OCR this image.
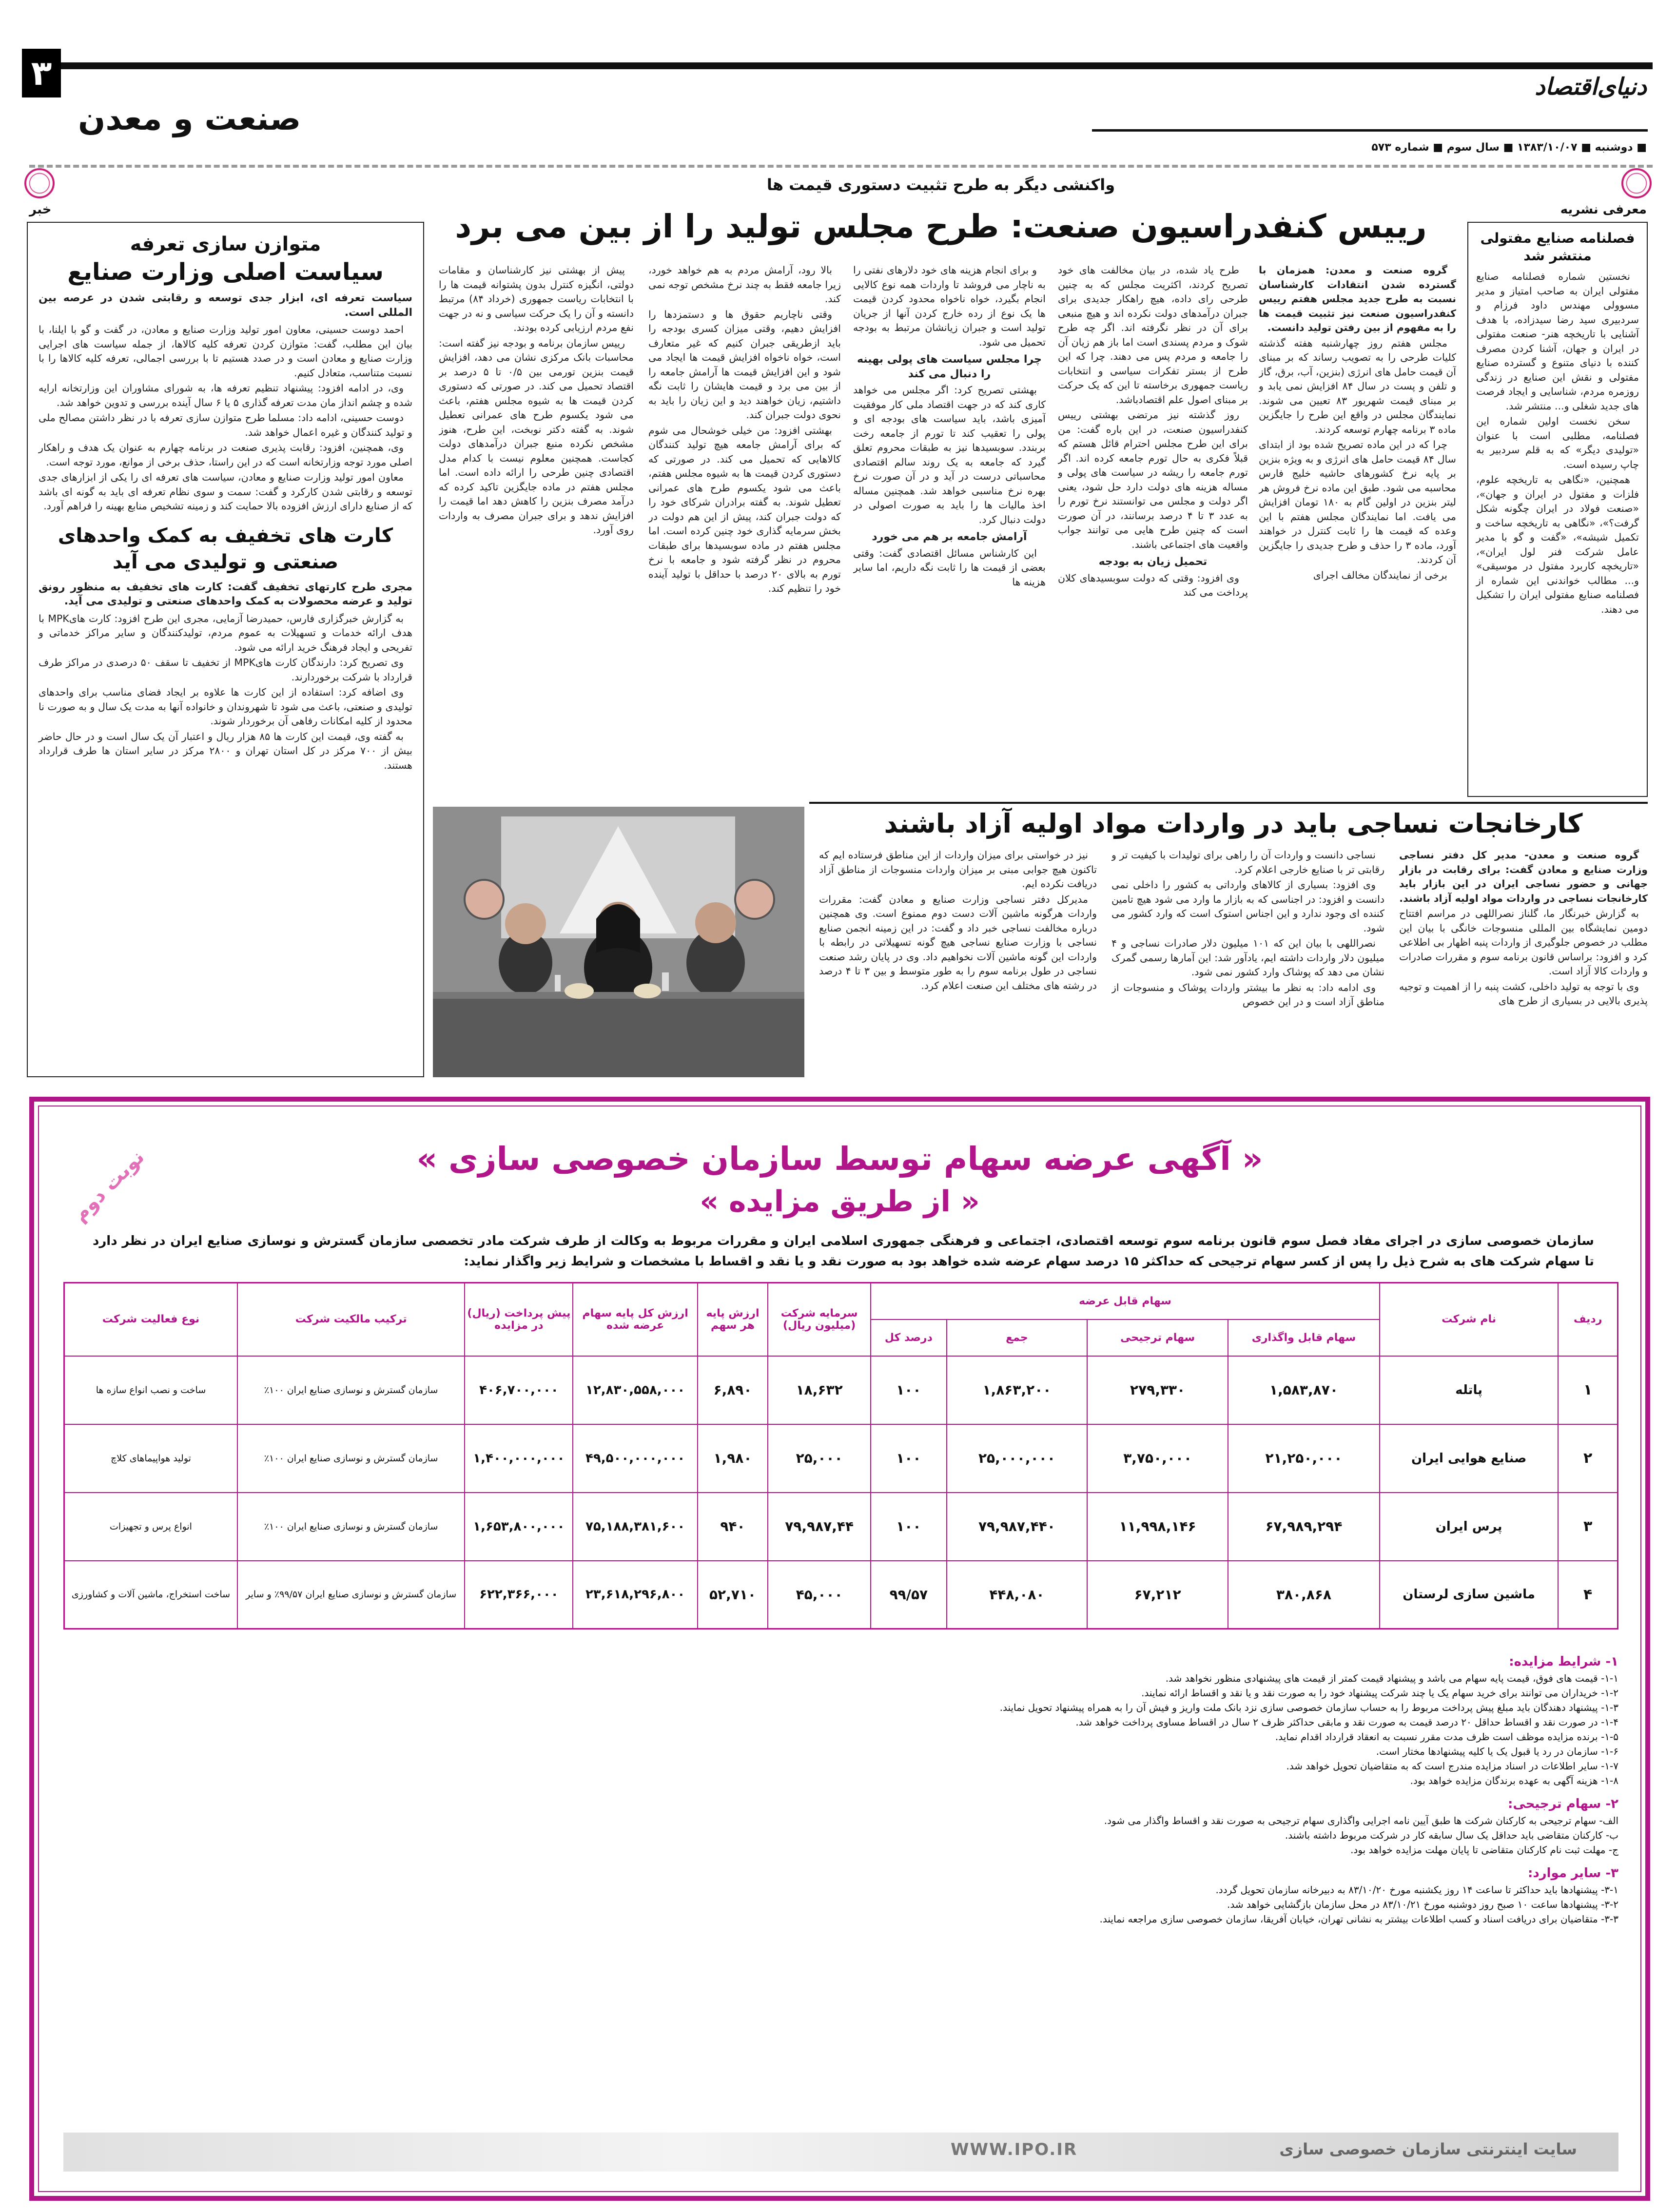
۳
صنعت و معدن
دنیای‌اقتصاد
■ دوشنبه ■ ۱۳۸۳/۱۰/۰۷ ■ سال سوم ■ شماره ۵۷۳
معرفی نشریه
خبر
فصلنامه صنایع مفتولی منتشر شد

نخستین شماره فصلنامه صنایع مفتولی ایران به صاحب امتیاز و مدیر مسوولی مهندس داود فرزام و سردبیری سید رضا سیدزاده، با هدف آشنایی با تاریخچه هنر- صنعت مفتولی در ایران و جهان، آشنا کردن مصرف کننده با دنیای متنوع و گسترده صنایع مفتولی و نقش این صنایع در زندگی روزمره مردم، شناسایی و ایجاد فرصت های جدید شغلی و... منتشر شد.

سخن نخست اولین شماره این فصلنامه، مطلبی است با عنوان «تولیدی دیگر» که به قلم سردبیر به چاپ رسیده است.

همچنین، «نگاهی به تاریخچه علوم، فلزات و مفتول در ایران و جهان»، «صنعت فولاد در ایران چگونه شکل گرفت؟»، «نگاهی به تاریخچه ساخت و تکمیل شیشه»، «گفت و گو با مدیر عامل شرکت فنر لول ایران»، «تاریخچه کاربرد مفتول در موسیقی» و... مطالب خواندنی این شماره از فصلنامه صنایع مفتولی ایران را تشکیل می دهند.

واکنشی دیگر به طرح تثبیت دستوری قیمت ها
رییس کنفدراسیون صنعت: طرح مجلس تولید را از بین می برد

گروه صنعت و معدن: همزمان با گسترده شدن انتقادات کارشناسان نسبت به طرح جدید مجلس هفتم رییس کنفدراسیون صنعت نیز تثبیت قیمت ها را به مفهوم از بین رفتن تولید دانست.

مجلس هفتم روز چهارشنبه هفته گذشته کلیات طرحی را به تصویب رساند که بر مبنای آن قیمت حامل های انرژی (بنزین، آب، برق، گاز و تلفن و پست در سال ۸۴ افزایش نمی یابد و بر مبنای قیمت شهریور ۸۳ تعیین می شوند. نمایندگان مجلس در واقع این طرح را جایگزین ماده ۳ برنامه چهارم توسعه کردند.

چرا که در این ماده تصریح شده بود از ابتدای سال ۸۴ قیمت حامل های انرژی و به ویژه بنزین بر پایه نرخ کشورهای حاشیه خلیج فارس محاسبه می شود. طبق این ماده نرخ فروش هر لیتر بنزین در اولین گام به ۱۸۰ تومان افزایش می یافت. اما نمایندگان مجلس هفتم با این وعده که قیمت ها را ثابت کنترل در خواهند آورد، ماده ۳ را حذف و طرح جدیدی را جایگزین آن کردند.

برخی از نمایندگان مخالف اجرای

طرح یاد شده، در بیان مخالفت های خود تصریح کردند، اکثریت مجلس که به چنین طرحی رای داده، هیچ راهکار جدیدی برای جبران درآمدهای دولت نکرده اند و هیچ منبعی برای آن در نظر نگرفته اند. اگر چه طرح شوک و مردم پسندی است اما باز هم زیان آن را جامعه و مردم پس می دهند. چرا که این طرح از بستر تفکرات سیاسی و انتخابات ریاست جمهوری برخاسته تا این که یک حرکت بر مبنای اصول علم اقتصادباشد.

روز گذشته نیز مرتضی بهشتی رییس کنفدراسیون صنعت، در این باره گفت: من برای این طرح مجلس احترام قائل هستم که قبلاً فکری به حال تورم جامعه کرده اند. اگر تورم جامعه را ریشه در سیاست های پولی و مساله هزینه های دولت دارد حل شود، یعنی اگر دولت و مجلس می توانستند نرخ تورم را به عدد ۳ تا ۴ درصد برسانند، در آن صورت است که چنین طرح هایی می توانند جواب واقعیت های اجتماعی باشند.

تحمیل زیان به بودجه

وی افزود: وقتی که دولت سوبسیدهای کلان پرداخت می کند

و برای انجام هزینه های خود دلارهای نفتی را به ناچار می فروشد تا واردات همه نوع کالایی انجام بگیرد، خواه ناخواه محدود کردن قیمت ها یک نوع از رده خارج کردن آنها از جریان تولید است و جبران زیانشان مرتبط به بودجه تحمیل می شود.

چرا مجلس سیاست های پولی بهینه را دنبال می کند

بهشتی تصریح کرد: اگر مجلس می خواهد کاری کند که در جهت اقتصاد ملی کار موفقیت آمیزی باشد، باید سیاست های بودجه ای و پولی را تعقیب کند تا تورم از جامعه رخت بربندد. سوبسیدها نیز به طبقات محروم تعلق گیرد که جامعه به یک روند سالم اقتصادی محاسباتی درست در آید و در آن صورت نرخ بهره نرخ مناسبی خواهد شد. همچنین مساله اخذ مالیات ها را باید به صورت اصولی در دولت دنبال کرد.

آرامش جامعه بر هم می خورد

این کارشناس مسائل اقتصادی گفت: وقتی بعضی از قیمت ها را ثابت نگه داریم، اما سایر هزینه ها

بالا رود، آرامش مردم به هم خواهد خورد، زیرا جامعه فقط به چند نرخ مشخص توجه نمی کند.

وقتی ناچاریم حقوق ها و دستمزدها را افزایش دهیم، وقتی میزان کسری بودجه را باید ازطریقی جبران کنیم که غیر متعارف است، خواه ناخواه افزایش قیمت ها ایجاد می شود و این افزایش قیمت ها آرامش جامعه را از بین می برد و قیمت هایشان را ثابت نگه داشتیم، زیان خواهند دید و این زیان را باید به نحوی دولت جبران کند.

بهشتی افزود: من خیلی خوشحال می شوم که برای آرامش جامعه هیچ تولید کنندگان کالاهایی که تحمیل می کند. در صورتی که دستوری کردن قیمت ها به شیوه مجلس هفتم، باعث می شود یکسوم طرح های عمرانی تعطیل شوند. به گفته برادران شرکای خود را که دولت جبران کند، پیش از این هم دولت در بخش سرمایه گذاری خود چنین کرده است. اما مجلس هفتم در ماده سوبسیدها برای طبقات محروم در نظر گرفته شود و جامعه با نرخ تورم به بالای ۲۰ درصد با حداقل با تولید آینده خود را تنظیم کند.

پیش از بهشتی نیز کارشناسان و مقامات دولتی، انگیزه کنترل بدون پشتوانه قیمت ها را با انتخابات ریاست جمهوری (خرداد ۸۴) مرتبط دانسته و آن را یک حرکت سیاسی و نه در جهت نفع مردم ارزیابی کرده بودند.

رییس سازمان برنامه و بودجه نیز گفته است: محاسبات بانک مرکزی نشان می دهد، افزایش قیمت بنزین تورمی بین ۰/۵ تا ۵ درصد بر اقتصاد تحمیل می کند. در صورتی که دستوری کردن قیمت ها به شیوه مجلس هفتم، باعث می شود یکسوم طرح های عمرانی تعطیل شوند. به گفته دکتر نوبخت، این طرح، هنوز مشخص نکرده منبع جبران درآمدهای دولت کجاست. همچنین معلوم نیست با کدام مدل اقتصادی چنین طرحی را ارائه داده است. اما مجلس هفتم در ماده جایگزین تاکید کرده که درآمد مصرف بنزین را کاهش دهد اما قیمت را افزایش ندهد و برای جبران مصرف به واردات روی آورد.

متوازن سازی تعرفه
سیاست اصلی وزارت صنایع
سیاست تعرفه ای، ابزار جدی توسعه و رقابتی شدن در عرصه بین المللی است.

احمد دوست حسینی، معاون امور تولید وزارت صنایع و معادن، در گفت و گو با ایلنا، با بیان این مطلب، گفت: متوازن کردن تعرفه کلیه کالاها، از جمله سیاست های اجرایی وزارت صنایع و معادن است و در صدد هستیم تا با بررسی اجمالی، تعرفه کلیه کالاها را با نسبت متناسب، متعادل کنیم.

وی، در ادامه افزود: پیشنهاد تنظیم تعرفه ها، به شورای مشاوران این وزارتخانه ارایه شده و چشم انداز مان مدت تعرفه گذاری ۵ یا ۶ سال آینده بررسی و تدوین خواهد شد.

دوست حسینی، ادامه داد: مسلما طرح متوازن سازی تعرفه با در نظر داشتن مصالح ملی و تولید کنندگان و غیره اعمال خواهد شد.

وی، همچنین، افزود: رقابت پذیری صنعت در برنامه چهارم به عنوان یک هدف و راهکار اصلی مورد توجه وزارتخانه است که در این راستا، حذف برخی از موانع، مورد توجه است.

معاون امور تولید وزارت صنایع و معادن، سیاست های تعرفه ای را یکی از ابزارهای جدی توسعه و رقابتی شدن کارکرد و گفت: سمت و سوی نظام تعرفه ای باید به گونه ای باشد که از صنایع دارای ارزش افزوده بالا حمایت کند و زمینه تشخیص منابع بهینه را فراهم آورد.

کارت های تخفیف به کمک واحدهای صنعتی و تولیدی می آید
مجری طرح کارتهای تخفیف گفت: کارت های تخفیف به منظور رونق تولید و عرضه محصولات به کمک واحدهای صنعتی و تولیدی می آید.

به گزارش خبرگزاری فارس، حمیدرضا آزمایی، مجری این طرح افزود: کارت هایMPK با هدف ارائه خدمات و تسهیلات به عموم مردم، تولیدکنندگان و سایر مراکز خدماتی و تفریحی و ایجاد فرهنگ خرید ارائه می شود.

وی تصریح کرد: دارندگان کارت هایMPK از تخفیف تا سقف ۵۰ درصدی در مراکز طرف قرارداد با شرکت برخوردارند.

وی اضافه کرد: استفاده از این کارت ها علاوه بر ایجاد فضای مناسب برای واحدهای تولیدی و صنعتی، باعث می شود تا شهروندان و خانواده آنها به مدت یک سال و به صورت نا محدود از کلیه امکانات رفاهی آن برخوردار شوند.

به گفته وی، قیمت این کارت ها ۸۵ هزار ریال و اعتبار آن یک سال است و در حال حاضر بیش از ۷۰۰ مرکز در کل استان تهران و ۲۸۰۰ مرکز در سایر استان ها طرف قرارداد هستند.

کارخانجات نساجی باید در واردات مواد اولیه آزاد باشند

گروه صنعت و معدن- مدیر کل دفتر نساجی وزارت صنایع و معادن گفت: برای رقابت در بازار جهانی و حضور نساجی ایران در این بازار باید کارخانجات نساجی در واردات مواد اولیه آزاد باشند.

به گزارش خبرنگار ما، گلناز نصراللهی در مراسم افتتاح دومین نمایشگاه بین المللی منسوجات خانگی با بیان این مطلب در خصوص جلوگیری از واردات پنبه اظهار بی اطلاعی کرد و افزود: براساس قانون برنامه سوم و مقررات صادرات و واردات کالا آزاد است.

وی با توجه به تولید داخلی، کشت پنبه را از اهمیت و توجیه پذیری بالایی در بسیاری از طرح های

نساجی دانست و واردات آن را راهی برای تولیدات با کیفیت تر و رقابتی تر با صنایع خارجی اعلام کرد.

وی افزود: بسیاری از کالاهای وارداتی به کشور را داخلی نمی دانست و افزود: در اجناسی که به بازار ما وارد می شود هیچ تامین کننده ای وجود ندارد و این اجناس استوک است که وارد کشور می شود.

نصراللهی با بیان این که ۱۰۱ میلیون دلار صادرات نساجی و ۴ میلیون دلار واردات داشته ایم، یادآور شد: این آمارها رسمی گمرک نشان می دهد که پوشاک وارد کشور نمی شود.

وی ادامه داد: به نظر ما بیشتر واردات پوشاک و منسوجات از مناطق آزاد است و در این خصوص

نیز در خواستی برای میزان واردات از این مناطق فرستاده ایم که تاکنون هیچ جوابی مبنی بر میزان واردات منسوجات از مناطق آزاد دریافت نکرده ایم.

مدیرکل دفتر نساجی وزارت صنایع و معادن گفت: مقررات واردات هرگونه ماشین آلات دست دوم ممنوع است. وی همچنین درباره مخالفت نساجی خبر داد و گفت: در این زمینه انجمن صنایع نساجی با وزارت صنایع نساجی هیچ گونه تسهیلاتی در رابطه با واردات این گونه ماشین آلات نخواهیم داد. وی در پایان رشد صنعت نساجی در طول برنامه سوم را به طور متوسط و بین ۳ تا ۴ درصد در رشته های مختلف این صنعت اعلام کرد.

نوبت دوم	« آگهی عرضه سهام توسط سازمان خصوصی سازی »
« از طریق مزایده »
سازمان خصوصی سازی در اجرای مفاد فصل سوم قانون برنامه سوم توسعه اقتصادی، اجتماعی و فرهنگی جمهوری اسلامی ایران و مقررات مربوط به وکالت از طرف شرکت مادر تخصصی سازمان گسترش و نوسازی صنایع ایران در نظر دارد تا سهام شرکت های به شرح ذیل را پس از کسر سهام ترجیحی که حداکثر ۱۵ درصد سهام عرضه شده خواهد بود به صورت نقد و یا نقد و اقساط با مشخصات و شرایط زیر واگذار نماید:
ردیف	نام شرکت	سهام قابل عرضه				سرمایه شرکت (میلیون ریال)	ارزش پایه هر سهم	ارزش کل پایه سهام عرضه شده	پیش پرداخت (ریال) در مزایده	ترکیب مالکیت شرکت	نوع فعالیت شرکت
		سهام قابل واگذاری	سهام ترجیحی	جمع	درصد کل						
۱	پاتله	۱,۵۸۳,۸۷۰	۲۷۹,۳۳۰	۱,۸۶۳,۲۰۰	۱۰۰	۱۸,۶۳۲	۶,۸۹۰	۱۲,۸۳۰,۵۵۸,۰۰۰	۴۰۶,۷۰۰,۰۰۰	سازمان گسترش و نوسازی صنایع ایران ۱۰۰٪	ساخت و نصب انواع سازه ها
۲	صنایع هوایی ایران	۲۱,۲۵۰,۰۰۰	۳,۷۵۰,۰۰۰	۲۵,۰۰۰,۰۰۰	۱۰۰	۲۵,۰۰۰	۱,۹۸۰	۴۹,۵۰۰,۰۰۰,۰۰۰	۱,۴۰۰,۰۰۰,۰۰۰	سازمان گسترش و نوسازی صنایع ایران ۱۰۰٪	تولید هواپیماهای کلاچ
۳	پرس ایران	۶۷,۹۸۹,۲۹۴	۱۱,۹۹۸,۱۴۶	۷۹,۹۸۷,۴۴۰	۱۰۰	۷۹,۹۸۷,۴۴	۹۴۰	۷۵,۱۸۸,۳۸۱,۶۰۰	۱,۶۵۳,۸۰۰,۰۰۰	سازمان گسترش و نوسازی صنایع ایران ۱۰۰٪	انواع پرس و تجهیزات
۴	ماشین سازی لرستان	۳۸۰,۸۶۸	۶۷,۲۱۲	۴۴۸,۰۸۰	۹۹/۵۷	۴۵,۰۰۰	۵۲,۷۱۰	۲۳,۶۱۸,۲۹۶,۸۰۰	۶۲۲,۳۶۶,۰۰۰	سازمان گسترش و نوسازی صنایع ایران ۹۹/۵۷٪ و سایر	ساخت استخراج، ماشین آلات و کشاورزی
۱- شرایط مزایده:
۱-۱- قیمت های فوق، قیمت پایه سهام می باشد و پیشنهاد قیمت کمتر از قیمت های پیشنهادی منظور نخواهد شد.
۱-۲- خریداران می توانند برای خرید سهام یک یا چند شرکت پیشنهاد خود را به صورت نقد و یا نقد و اقساط ارائه نمایند.
۱-۳- پیشنهاد دهندگان باید مبلغ پیش پرداخت مربوط را به حساب سازمان خصوصی سازی نزد بانک ملت واریز و فیش آن را به همراه پیشنهاد تحویل نمایند.
۱-۴- در صورت نقد و اقساط حداقل ۲۰ درصد قیمت به صورت نقد و مابقی حداکثر ظرف ۲ سال در اقساط مساوی پرداخت خواهد شد.
۱-۵- برنده مزایده موظف است ظرف مدت مقرر نسبت به انعقاد قرارداد اقدام نماید.
۱-۶- سازمان در رد یا قبول یک یا کلیه پیشنهادها مختار است.
۱-۷- سایر اطلاعات در اسناد مزایده مندرج است که به متقاضیان تحویل خواهد شد.
۱-۸- هزینه آگهی به عهده برندگان مزایده خواهد بود.
۲- سهام ترجیحی:
الف- سهام ترجیحی به کارکنان شرکت ها طبق آیین نامه اجرایی واگذاری سهام ترجیحی به صورت نقد و اقساط واگذار می شود.
ب- کارکنان متقاضی باید حداقل یک سال سابقه کار در شرکت مربوط داشته باشند.
ج- مهلت ثبت نام کارکنان متقاضی تا پایان مهلت مزایده خواهد بود.
۳- سایر موارد:
۳-۱- پیشنهادها باید حداکثر تا ساعت ۱۴ روز یکشنبه مورخ ۸۳/۱۰/۲۰ به دبیرخانه سازمان تحویل گردد.
۳-۲- پیشنهادها ساعت ۱۰ صبح روز دوشنبه مورخ ۸۳/۱۰/۲۱ در محل سازمان بازگشایی خواهد شد.
۳-۳- متقاضیان برای دریافت اسناد و کسب اطلاعات بیشتر به نشانی تهران، خیابان آفریقا، سازمان خصوصی سازی مراجعه نمایند.
سایت اینترنتی سازمان خصوصی سازی
WWW.IPO.IR
